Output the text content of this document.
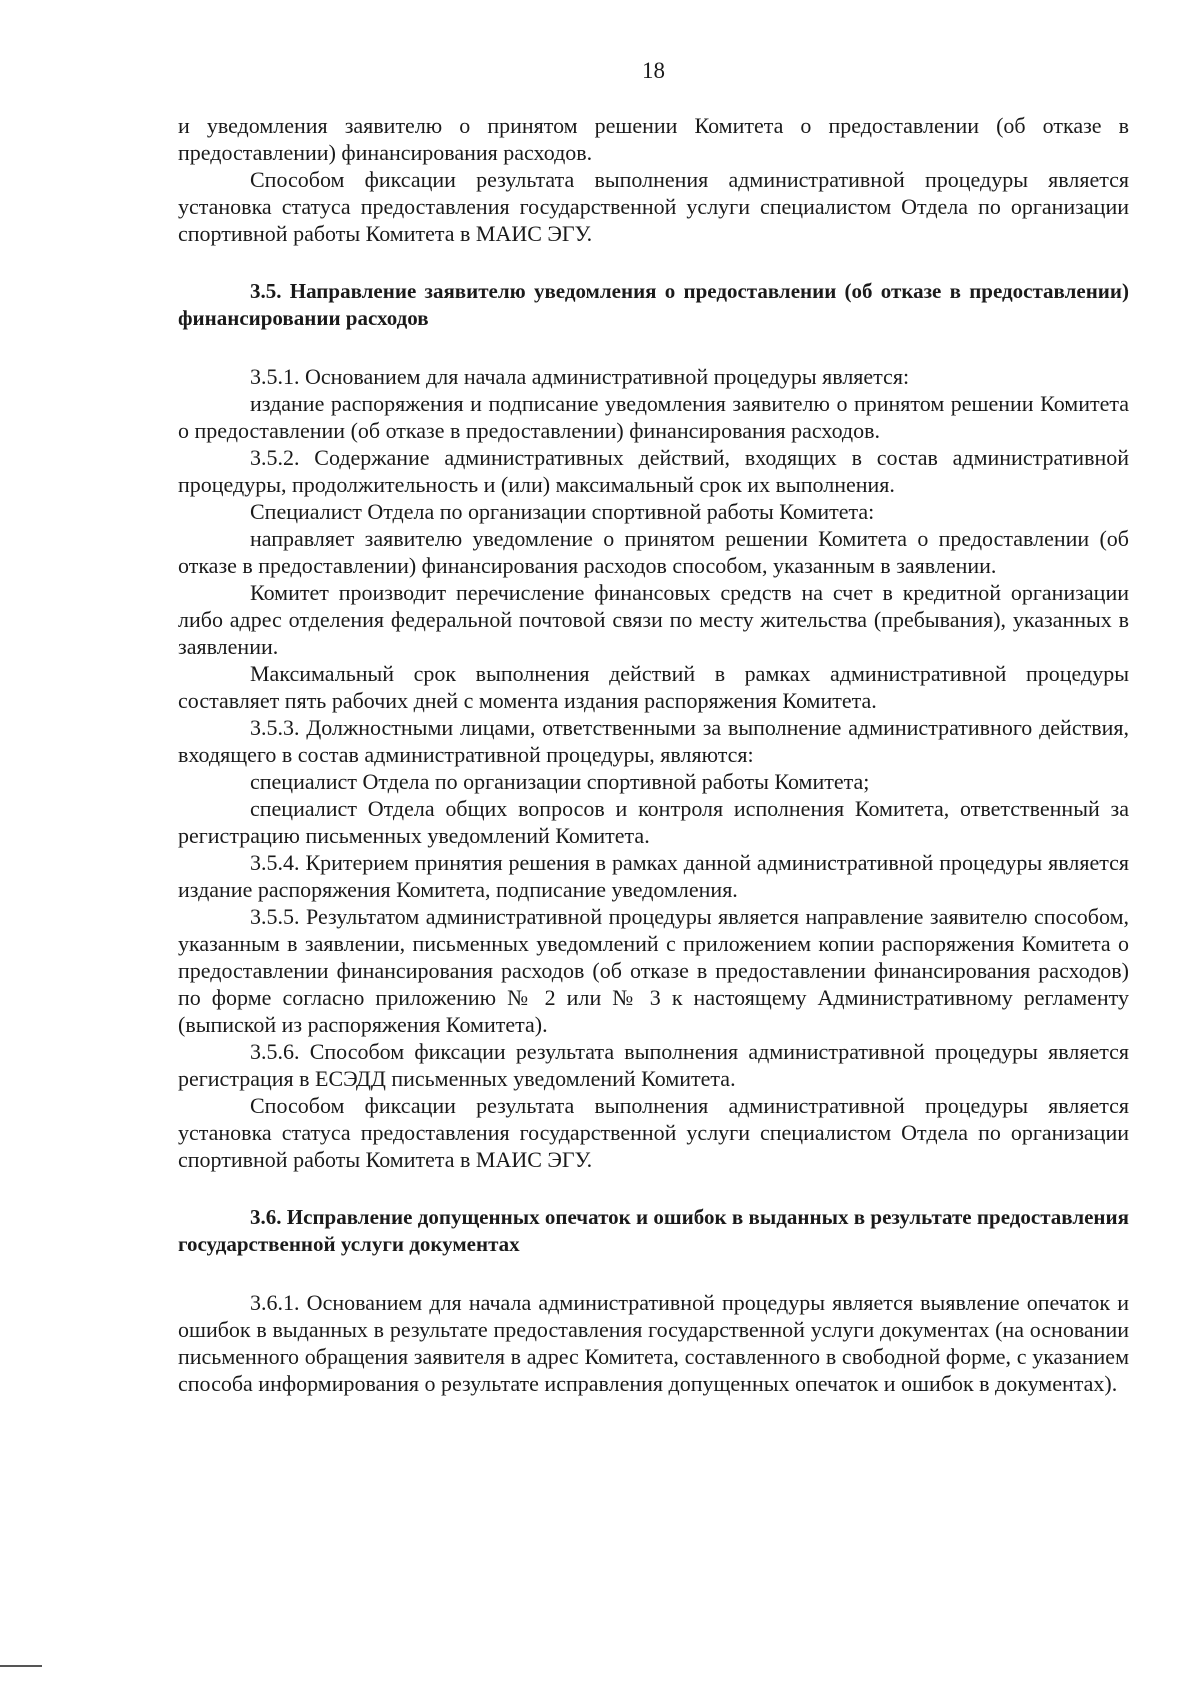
18

и уведомления заявителю о принятом решении Комитета о предоставлении (об отказе в предоставлении) финансирования расходов.

Способом фиксации результата выполнения административной процедуры является установка статуса предоставления государственной услуги специалистом Отдела по организации спортивной работы Комитета в МАИС ЭГУ.

3.5. Направление заявителю уведомления о предоставлении (об отказе в предоставлении) финансировании расходов

3.5.1. Основанием для начала административной процедуры является:

издание распоряжения и подписание уведомления заявителю о принятом решении Комитета о предоставлении (об отказе в предоставлении) финансирования расходов.

3.5.2. Содержание административных действий, входящих в состав административной процедуры, продолжительность и (или) максимальный срок их выполнения.

Специалист Отдела по организации спортивной работы Комитета:

направляет заявителю уведомление о принятом решении Комитета о предоставлении (об отказе в предоставлении) финансирования расходов способом, указанным в заявлении.

Комитет производит перечисление финансовых средств на счет в кредитной организации либо адрес отделения федеральной почтовой связи по месту жительства (пребывания), указанных в заявлении.

Максимальный срок выполнения действий в рамках административной процедуры составляет пять рабочих дней с момента издания распоряжения Комитета.

3.5.3. Должностными лицами, ответственными за выполнение административного действия, входящего в состав административной процедуры, являются:

специалист Отдела по организации спортивной работы Комитета;

специалист Отдела общих вопросов и контроля исполнения Комитета, ответственный за регистрацию письменных уведомлений Комитета.

3.5.4. Критерием принятия решения в рамках данной административной процедуры является издание распоряжения Комитета, подписание уведомления.

3.5.5. Результатом административной процедуры является направление заявителю способом, указанным в заявлении, письменных уведомлений с приложением копии распоряжения Комитета о предоставлении финансирования расходов (об отказе в предоставлении финансирования расходов) по форме согласно приложению № 2 или № 3 к настоящему Административному регламенту (выпиской из распоряжения Комитета).

3.5.6. Способом фиксации результата выполнения административной процедуры является регистрация в ЕСЭДД письменных уведомлений Комитета.

Способом фиксации результата выполнения административной процедуры является установка статуса предоставления государственной услуги специалистом Отдела по организации спортивной работы Комитета в МАИС ЭГУ.

3.6. Исправление допущенных опечаток и ошибок в выданных в результате предоставления государственной услуги документах

3.6.1. Основанием для начала административной процедуры является выявление опечаток и ошибок в выданных в результате предоставления государственной услуги документах (на основании письменного обращения заявителя в адрес Комитета, составленного в свободной форме, с указанием способа информирования о результате исправления допущенных опечаток и ошибок в документах).
